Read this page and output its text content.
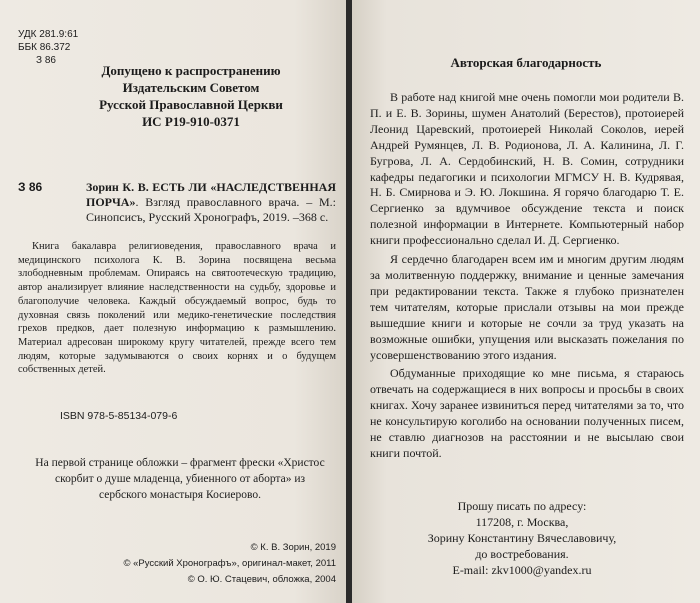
УДК 281.9:61
ББК 86.372
З 86
Допущено к распространению
Издательским Советом
Русской Православной Церкви
ИС Р19-910-0371
З 86	Зорин К. В. ЕСТЬ ЛИ «НАСЛЕДСТВЕННАЯ ПОРЧА». Взгляд православного врача. – М.: Синопсисъ, Русский Хронографъ, 2019. –368 с.
Книга бакалавра религиоведения, православного врача и медицинского психолога К. В. Зорина посвящена весьма злободневным проблемам. Опираясь на святоотеческую традицию, автор анализирует влияние наследственности на судьбу, здоровье и благополучие человека. Каждый обсуждаемый вопрос, будь то духовная связь поколений или медико-генетические последствия грехов предков, дает полезную информацию к размышлению. Материал адресован широкому кругу читателей, прежде всего тем людям, которые задумываются о своих корнях и о будущем собственных детей.
ISBN 978-5-85134-079-6
На первой странице обложки – фрагмент фрески «Христос скорбит о душе младенца, убиенного от аборта» из сербского монастыря Косиерово.
© К. В. Зорин, 2019
© «Русский Хронографъ», оригинал-макет, 2011
© О. Ю. Стацевич, обложка, 2004
Авторская благодарность

В работе над книгой мне очень помогли мои родители В. П. и Е. В. Зорины, шумен Анатолий (Берестов), протоиерей Леонид Царевский, протоиерей Николай Соколов, иерей Андрей Румянцев, Л. В. Родионова, Л. А. Калинина, Л. Г. Бугрова, Л. А. Сердобинский, Н. В. Сомин, сотрудники кафедры педагогики и психологии МГМСУ Н. В. Кудрявая, Н. Б. Смирнова и Э. Ю. Локшина. Я горячо благодарю Т. Е. Сергиенко за вдумчивое обсуждение текста и поиск полезной информации в Интернете. Компьютерный набор книги профессионально сделал И. Д. Сергиенко.

Я сердечно благодарен всем им и многим другим людям за молитвенную поддержку, внимание и ценные замечания при редактировании текста. Также я глубоко признателен тем читателям, которые прислали отзывы на мои прежде вышедшие книги и которые не сочли за труд указать на возможные ошибки, упущения или высказать пожелания по усовершенствованию этого издания.

Обдуманные приходящие ко мне письма, я стараюсь отвечать на содержащиеся в них вопросы и просьбы в своих книгах. Хочу заранее извиниться перед читателями за то, что не консультирую коголибо на основании полученных писем, не ставлю диагнозов на расстоянии и не высылаю свои книги почтой.

Прошу писать по адресу:
117208, г. Москва,
Зорину Константину Вячеславовичу,
до востребования.
E-mail: zkv1000@yandex.ru
